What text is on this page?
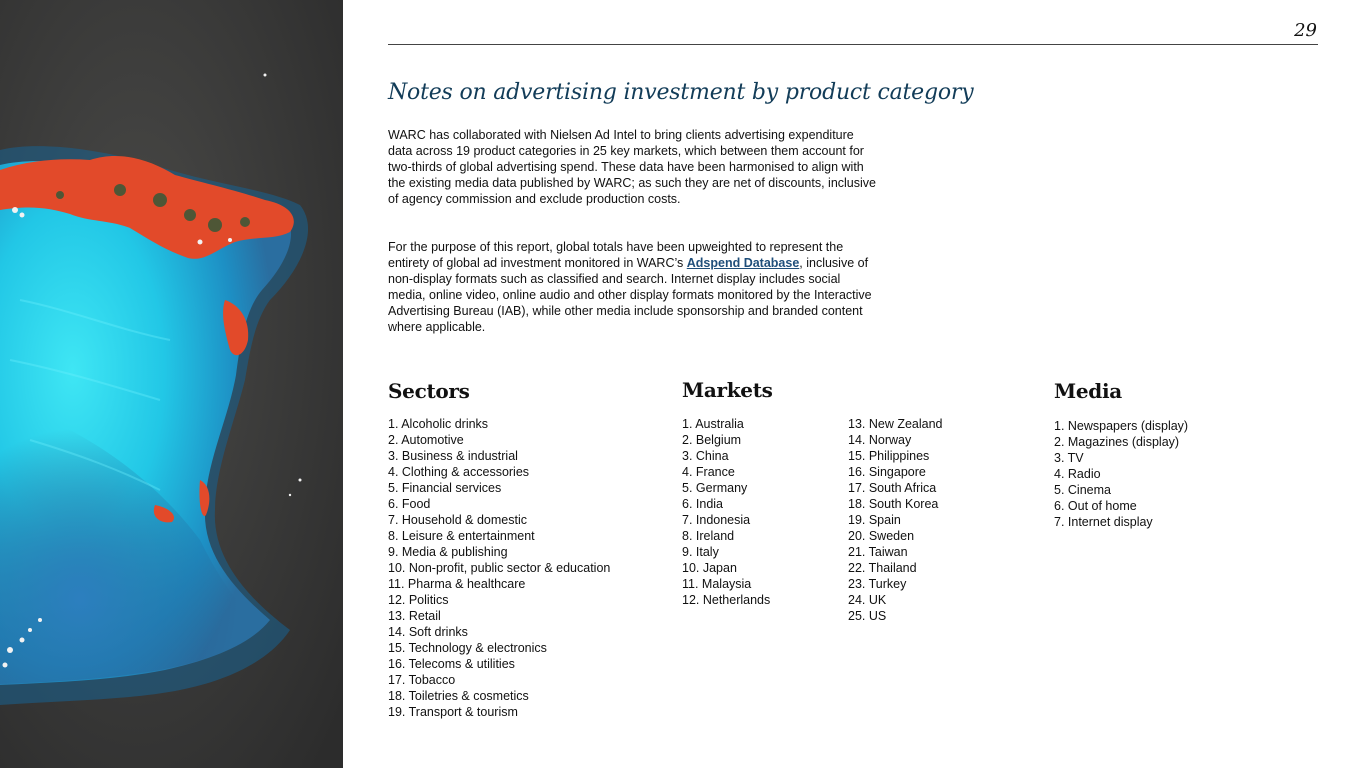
29
Notes on advertising investment by product category

WARC has collaborated with Nielsen Ad Intel to bring clients advertising expenditure data across 19 product categories in 25 key markets, which between them account for two-thirds of global advertising spend. These data have been harmonised to align with the existing media data published by WARC; as such they are net of discounts, inclusive of agency commission and exclude production costs.

For the purpose of this report, global totals have been upweighted to represent the entirety of global ad investment monitored in WARC’s Adspend Database, inclusive of non-display formats such as classified and search. Internet display includes social media, online video, online audio and other display formats monitored by the Interactive Advertising Bureau (IAB), while other media include sponsorship and branded content where applicable.

Sectors
1. Alcoholic drinks
2. Automotive
3. Business & industrial
4. Clothing & accessories
5. Financial services
6. Food
7. Household & domestic
8. Leisure & entertainment
9. Media & publishing
10. Non-profit, public sector & education
11. Pharma & healthcare
12. Politics
13. Retail
14. Soft drinks
15. Technology & electronics
16. Telecoms & utilities
17. Tobacco
18. Toiletries & cosmetics
19. Transport & tourism
Markets
1. Australia
2. Belgium
3. China
4. France
5. Germany
6. India
7. Indonesia
8. Ireland
9. Italy
10. Japan
11. Malaysia
12. Netherlands
13. New Zealand
14. Norway
15. Philippines
16. Singapore
17. South Africa
18. South Korea
19. Spain
20. Sweden
21. Taiwan
22. Thailand
23. Turkey
24. UK
25. US
Media
1. Newspapers (display)
2. Magazines (display)
3. TV
4. Radio
5. Cinema
6. Out of home
7. Internet display
